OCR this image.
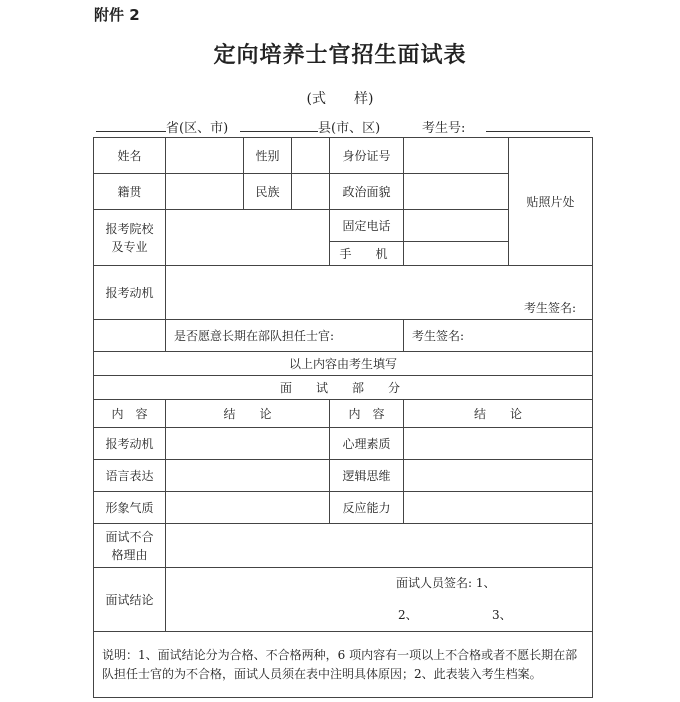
附件 2
定向培养士官招生面试表
(式　　样)
省(区、市)	县(市、区)	考生号:
姓名		性别		身份证号		贴照片处
籍贯		民族		政治面貌		

报考院校
及专业				固定电话		
				手　机		
报考动机	考生签名:					
	是否愿意长期在部队担任士官:				考生签名:	
以上内容由考生填写						
面　试　部　分						
内　容	结　　论			内　容	结　　论	
报考动机				心理素质		
语言表达				逻辑思维		
形象气质				反应能力		

面试不合
格理由						

面试结论	面试人员签名: 1、
2、 3、					

说明：1、面试结论分为合格、不合格两种，6 项内容有一项以上不合格或者不愿长期在部队担任士官的为不合格，面试人员须在表中注明具体原因；2、此表装入考生档案。						
